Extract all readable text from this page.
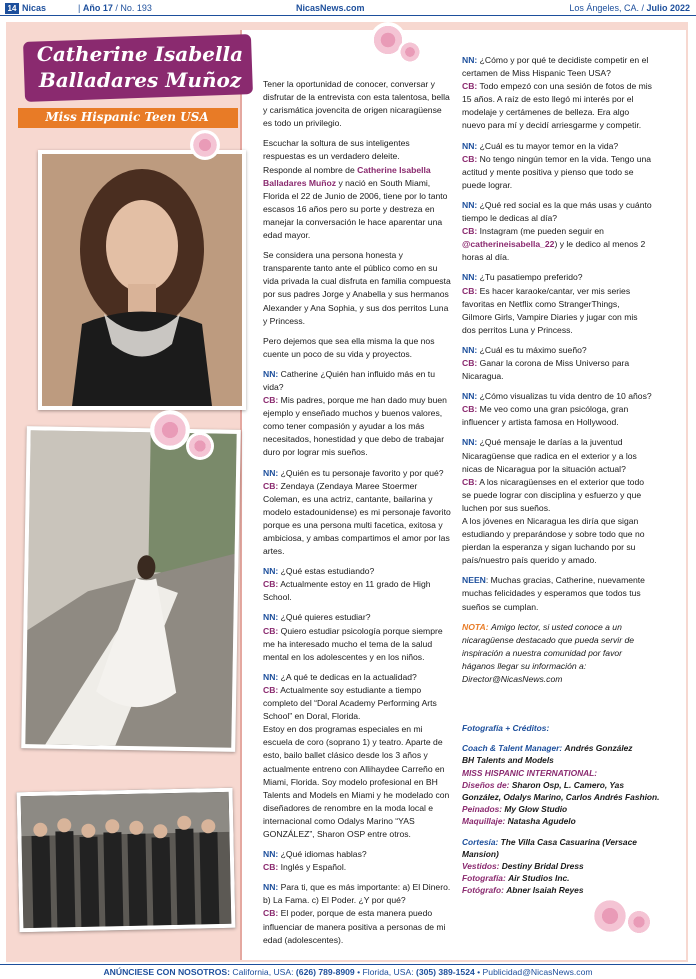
14 Nicas	| Año 17 / No. 193	NicasNews.com	Los Ángeles, CA. / Julio 2022
Catherine Isabella
Balladares Muñoz
Miss Hispanic Teen USA

Tener la oportunidad de conocer, conversar y disfrutar de la entrevista con esta talentosa, bella y carismática jovencita de origen nicaragüense es todo un privilegio.

Escuchar la soltura de sus inteligentes respuestas es un verdadero deleite.
Responde al nombre de Catherine Isabella Balladares Muñoz y nació en South Miami, Florida el 22 de Junio de 2006, tiene por lo tanto escasos 16 años pero su porte y destreza en manejar la conversación le hace aparentar una edad mayor.

Se considera una persona honesta y transparente tanto ante el público como en su vida privada la cual disfruta en familia compuesta por sus padres Jorge y Anabella y sus hermanos Alexander y Ana Sophia, y sus dos perritos Luna y Princess.

Pero dejemos que sea ella misma la que nos cuente un poco de su vida y proyectos.

NN: Catherine ¿Quién han influido más en tu vida?
CB: Mis padres, porque me han dado muy buen ejemplo y enseñado muchos y buenos valores, como tener compasión y ayudar a los más necesitados, honestidad y que debo de trabajar duro por lograr mis sueños.

NN: ¿Quién es tu personaje favorito y por qué?
CB: Zendaya (Zendaya Maree Stoermer Coleman, es una actriz, cantante, bailarina y modelo estadounidense) es mi personaje favorito porque es una persona multi facetica, exitosa y ambiciosa, y ambas compartimos el amor por las artes.

NN: ¿Qué estas estudiando?
CB: Actualmente estoy en 11 grado de High School.

NN: ¿Qué quieres estudiar?
CB: Quiero estudiar psicología porque siempre me ha interesado mucho el tema de la salud mental en los adolescentes y en los niños.

NN: ¿A qué te dedicas en la actualidad?
CB: Actualmente soy estudiante a tiempo completo del “Doral Academy Performing Arts School” en Doral, Florida.
Estoy en dos programas especiales en mi escuela de coro (soprano 1) y teatro. Aparte de esto, bailo ballet clásico desde los 3 años y actualmente entreno con Allihaydee Carreño en Miami, Florida. Soy modelo profesional en BH Talents and Models en Miami y he modelado con diseñadores de renombre en la moda local e internacional como Odalys Marino “YAS GONZÁLEZ”, Sharon OSP entre otros.

NN: ¿Qué idiomas hablas?
CB: Inglés y Español.

NN: Para ti, que es más importante: a) El Dinero. b) La Fama. c) El Poder. ¿Y por qué?
CB: El poder, porque de esta manera puedo influenciar de manera positiva a personas de mi edad (adolescentes).

NN: ¿Cómo y por qué te decidiste competir en el certamen de Miss Hispanic Teen USA?
CB: Todo empezó con una sesión de fotos de mis 15 años. A raíz de esto llegó mi interés por el modelaje y certámenes de belleza. Era algo nuevo para mí y decidí arriesgarme y competir.

NN: ¿Cuál es tu mayor temor en la vida?
CB: No tengo ningún temor en la vida. Tengo una actitud y mente positiva y pienso que todo se puede lograr.

NN: ¿Qué red social es la que más usas y cuánto tiempo le dedicas al día?
CB: Instagram (me pueden seguir en @catherineisabella_22) y le dedico al menos 2 horas al día.

NN: ¿Tu pasatiempo preferido?
CB: Es hacer karaoke/cantar, ver mis series favoritas en Netflix como StrangerThings, Gilmore Girls, Vampire Diaries y jugar con mis dos perritos Luna y Princess.

NN: ¿Cuál es tu máximo sueño?
CB: Ganar la corona de Miss Universo para Nicaragua.

NN: ¿Cómo visualizas tu vida dentro de 10 años?
CB: Me veo como una gran psicóloga, gran influencer y artista famosa en Hollywood.

NN: ¿Qué mensaje le darías a la juventud Nicaragüense que radica en el exterior y a los nicas de Nicaragua por la situación actual?
CB: A los nicaragüenses en el exterior que todo se puede lograr con disciplina y esfuerzo y que luchen por sus sueños.
A los jóvenes en Nicaragua les diría que sigan estudiando y preparándose y sobre todo que no pierdan la esperanza y sigan luchando por su país/nuestro país querido y amado.

NEEN: Muchas gracias, Catherine, nuevamente muchas felicidades y esperamos que todos tus sueños se cumplan.

NOTA: Amigo lector, si usted conoce a un nicaragüense destacado que pueda servir de inspiración a nuestra comunidad por favor háganos llegar su información a: Director@NicasNews.com

Fotografía + Créditos:
Coach & Talent Manager: Andrés González
BH Talents and Models
MISS HISPANIC INTERNATIONAL:
Diseños de: Sharon Osp, L. Camero, Yas González, Odalys Marino, Carlos Andrés Fashion.
Peinados: My Glow Studio
Maquillaje: Natasha Agudelo
Cortesía: The Villa Casa Casuarina (Versace Mansion)
Vestidos: Destiny Bridal Dress
Fotografía: Air Studios Inc.
Fotógrafo: Abner Isaiah Reyes
ANÚNCIESE CON NOSOTROS: California, USA: (626) 789-8909 • Florida, USA: (305) 389-1524 • Publicidad@NicasNews.com
